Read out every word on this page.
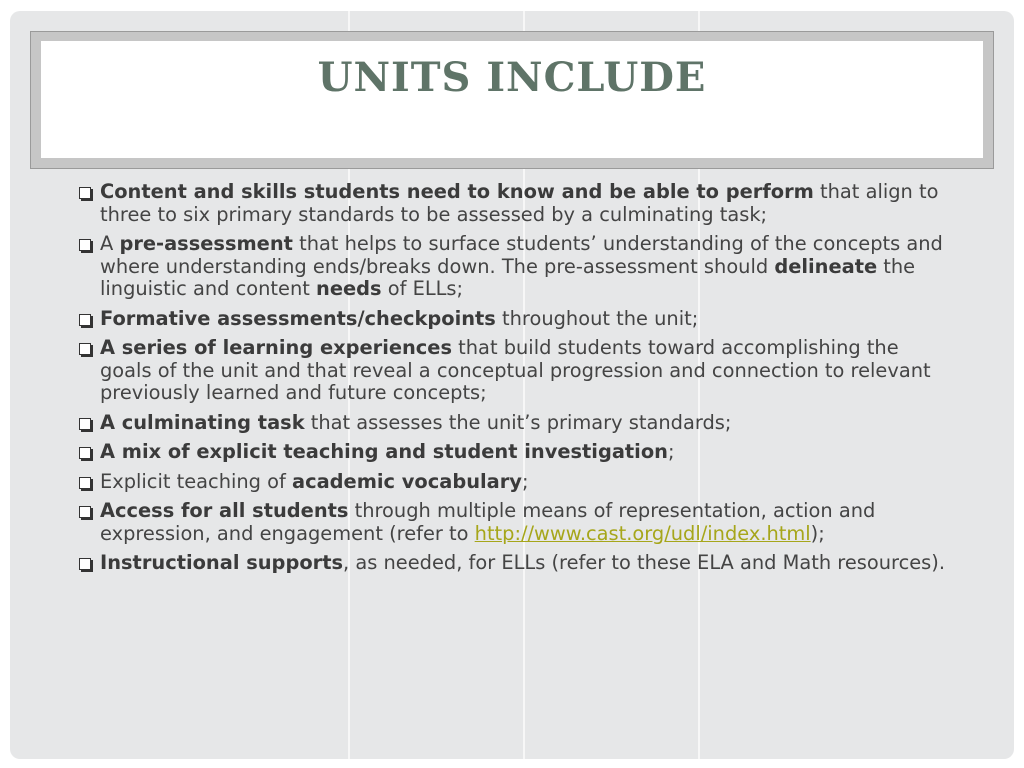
UNITS INCLUDE
Content and skills students need to know and be able to perform that align to three to six primary standards to be assessed by a culminating task;
A pre-assessment that helps to surface students’ understanding of the concepts and where understanding ends/breaks down. The pre-assessment should delineate the linguistic and content needs of ELLs;
Formative assessments/checkpoints throughout the unit;
A series of learning experiences that build students toward accomplishing the goals of the unit and that reveal a conceptual progression and connection to relevant previously learned and future concepts;
A culminating task that assesses the unit’s primary standards;
A mix of explicit teaching and student investigation;
Explicit teaching of academic vocabulary;
Access for all students through multiple means of representation, action and expression, and engagement (refer to http://www.cast.org/udl/index.html);
Instructional supports, as needed, for ELLs (refer to these ELA and Math resources).
